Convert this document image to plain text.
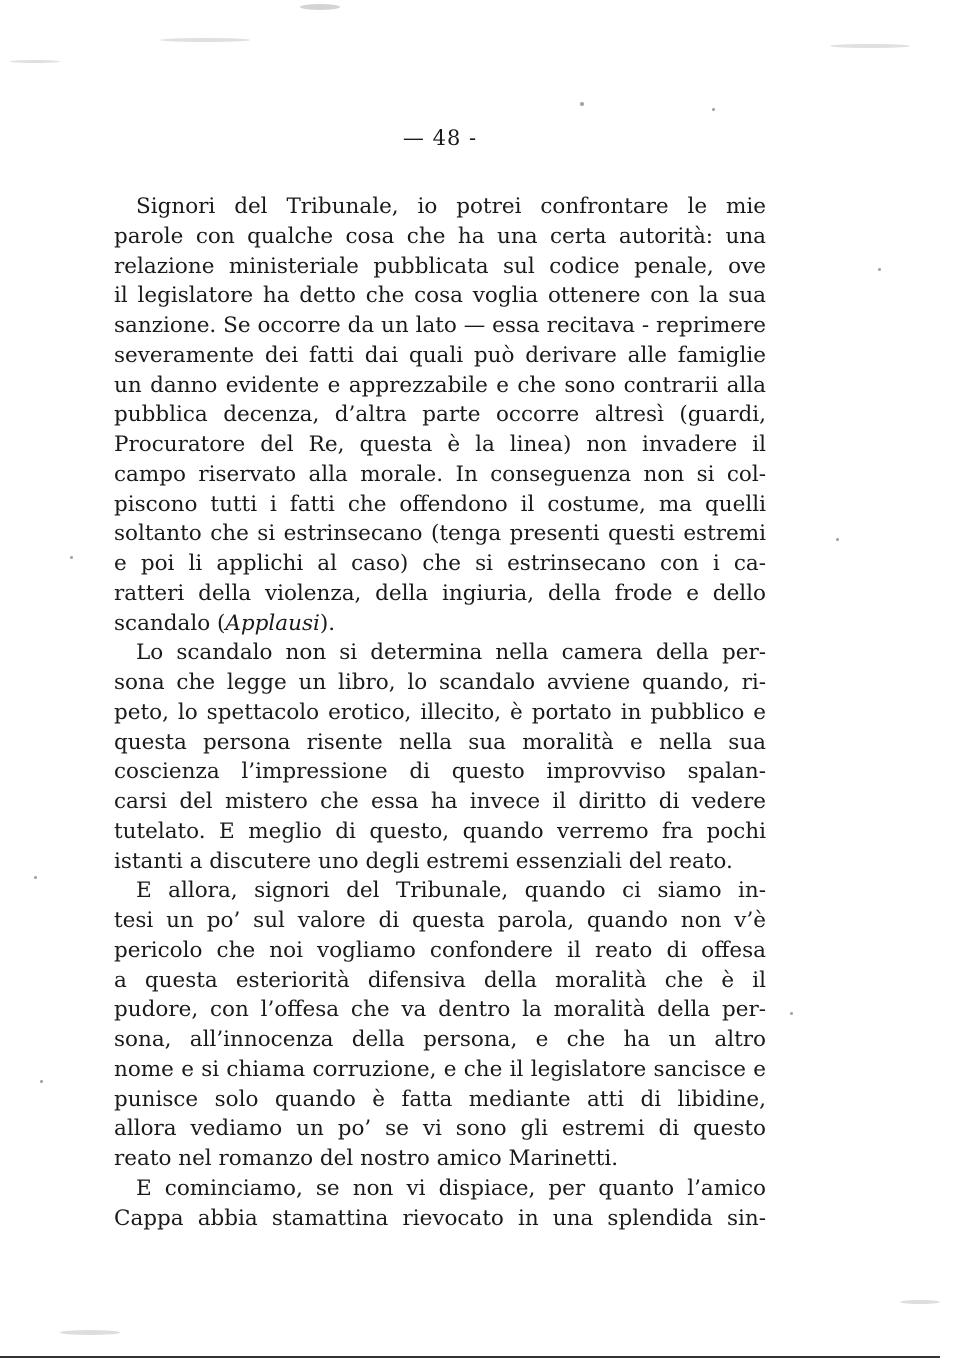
— 48 -
Signori del Tribunale, io potrei confrontare le mie
parole con qualche cosa che ha una certa autorità: una
relazione ministeriale pubblicata sul codice penale, ove
il legislatore ha detto che cosa voglia ottenere con la sua
sanzione. Se occorre da un lato — essa recitava - reprimere
severamente dei fatti dai quali può derivare alle famiglie
un danno evidente e apprezzabile e che sono contrarii alla
pubblica decenza, d’altra parte occorre altresì (guardi,
Procuratore del Re, questa è la linea) non invadere il
campo riservato alla morale. In conseguenza non si col-
piscono tutti i fatti che offendono il costume, ma quelli
soltanto che si estrinsecano (tenga presenti questi estremi
e poi li applichi al caso) che si estrinsecano con i ca-
ratteri della violenza, della ingiuria, della frode e dello
scandalo (Applausi).
Lo scandalo non si determina nella camera della per-
sona che legge un libro, lo scandalo avviene quando, ri-
peto, lo spettacolo erotico, illecito, è portato in pubblico e
questa persona risente nella sua moralità e nella sua
coscienza l’impressione di questo improvviso spalan-
carsi del mistero che essa ha invece il diritto di vedere
tutelato. E meglio di questo, quando verremo fra pochi
istanti a discutere uno degli estremi essenziali del reato.
E allora, signori del Tribunale, quando ci siamo in-
tesi un po’ sul valore di questa parola, quando non v’è
pericolo che noi vogliamo confondere il reato di offesa
a questa esteriorità difensiva della moralità che è il
pudore, con l’offesa che va dentro la moralità della per-
sona, all’innocenza della persona, e che ha un altro
nome e si chiama corruzione, e che il legislatore sancisce e
punisce solo quando è fatta mediante atti di libidine,
allora vediamo un po’ se vi sono gli estremi di questo
reato nel romanzo del nostro amico Marinetti.
E cominciamo, se non vi dispiace, per quanto l’amico
Cappa abbia stamattina rievocato in una splendida sin-
